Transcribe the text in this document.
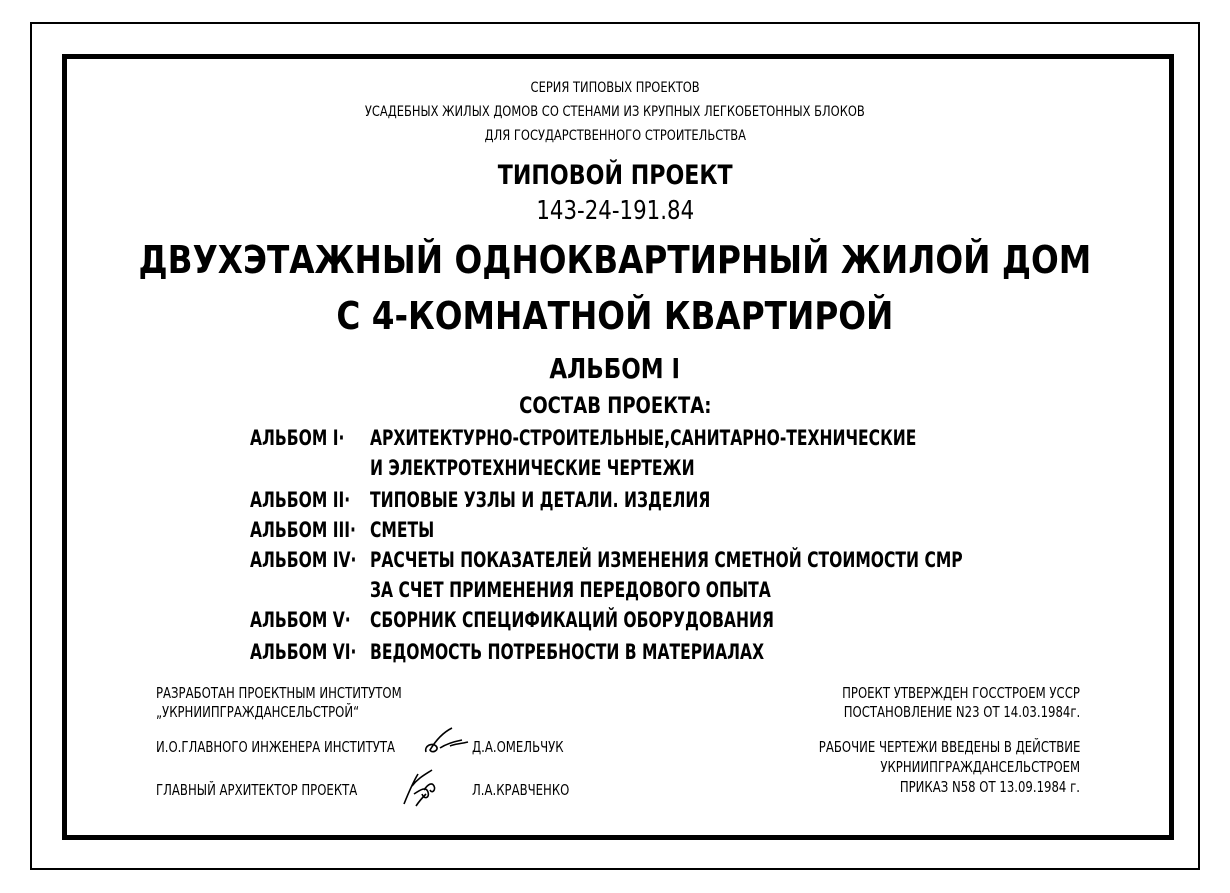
СЕРИЯ ТИПОВЫХ ПРОЕКТОВ
УСАДЕБНЫХ ЖИЛЫХ ДОМОВ СО СТЕНАМИ ИЗ КРУПНЫХ ЛЕГКОБЕТОННЫХ БЛОКОВ
ДЛЯ ГОСУДАРСТВЕННОГО СТРОИТЕЛЬСТВА
ТИПОВОЙ ПРОЕКТ
143-24-191.84
ДВУХЭТАЖНЫЙ ОДНОКВАРТИРНЫЙ ЖИЛОЙ ДОМ
С 4-КОМНАТНОЙ КВАРТИРОЙ
АЛЬБОМ I
СОСТАВ ПРОЕКТА:
АЛЬБОМ I·	АРХИТЕКТУРНО-СТРОИТЕЛЬНЫЕ,САНИТАРНО-ТЕХНИЧЕСКИЕ
И ЭЛЕКТРОТЕХНИЧЕСКИЕ ЧЕРТЕЖИ
АЛЬБОМ II· ТИПОВЫЕ УЗЛЫ И ДЕТАЛИ. ИЗДЕЛИЯ
АЛЬБОМ III· СМЕТЫ
АЛЬБОМ IV· РАСЧЕТЫ ПОКАЗАТЕЛЕЙ ИЗМЕНЕНИЯ СМЕТНОЙ СТОИМОСТИ СМР
ЗА СЧЕТ ПРИМЕНЕНИЯ ПЕРЕДОВОГО ОПЫТА
АЛЬБОМ V· СБОРНИК СПЕЦИФИКАЦИЙ ОБОРУДОВАНИЯ
АЛЬБОМ VI· ВЕДОМОСТЬ ПОТРЕБНОСТИ В МАТЕРИАЛАХ
РАЗРАБОТАН ПРОЕКТНЫМ ИНСТИТУТОМ
„УКРНИИПГРАЖДАНСЕЛЬСТРОЙ“
И.О.ГЛАВНОГО ИНЖЕНЕРА ИНСТИТУТА	Д.А.ОМЕЛЬЧУК
ГЛАВНЫЙ АРХИТЕКТОР ПРОЕКТА	Л.А.КРАВЧЕНКО
ПРОЕКТ УТВЕРЖДЕН ГОССТРОЕМ УССР
ПОСТАНОВЛЕНИЕ N23 ОТ 14.03.1984г.
РАБОЧИЕ ЧЕРТЕЖИ ВВЕДЕНЫ В ДЕЙСТВИЕ
УКРНИИПГРАЖДАНСЕЛЬСТРОЕМ
ПРИКАЗ N58 ОТ 13.09.1984 г.
